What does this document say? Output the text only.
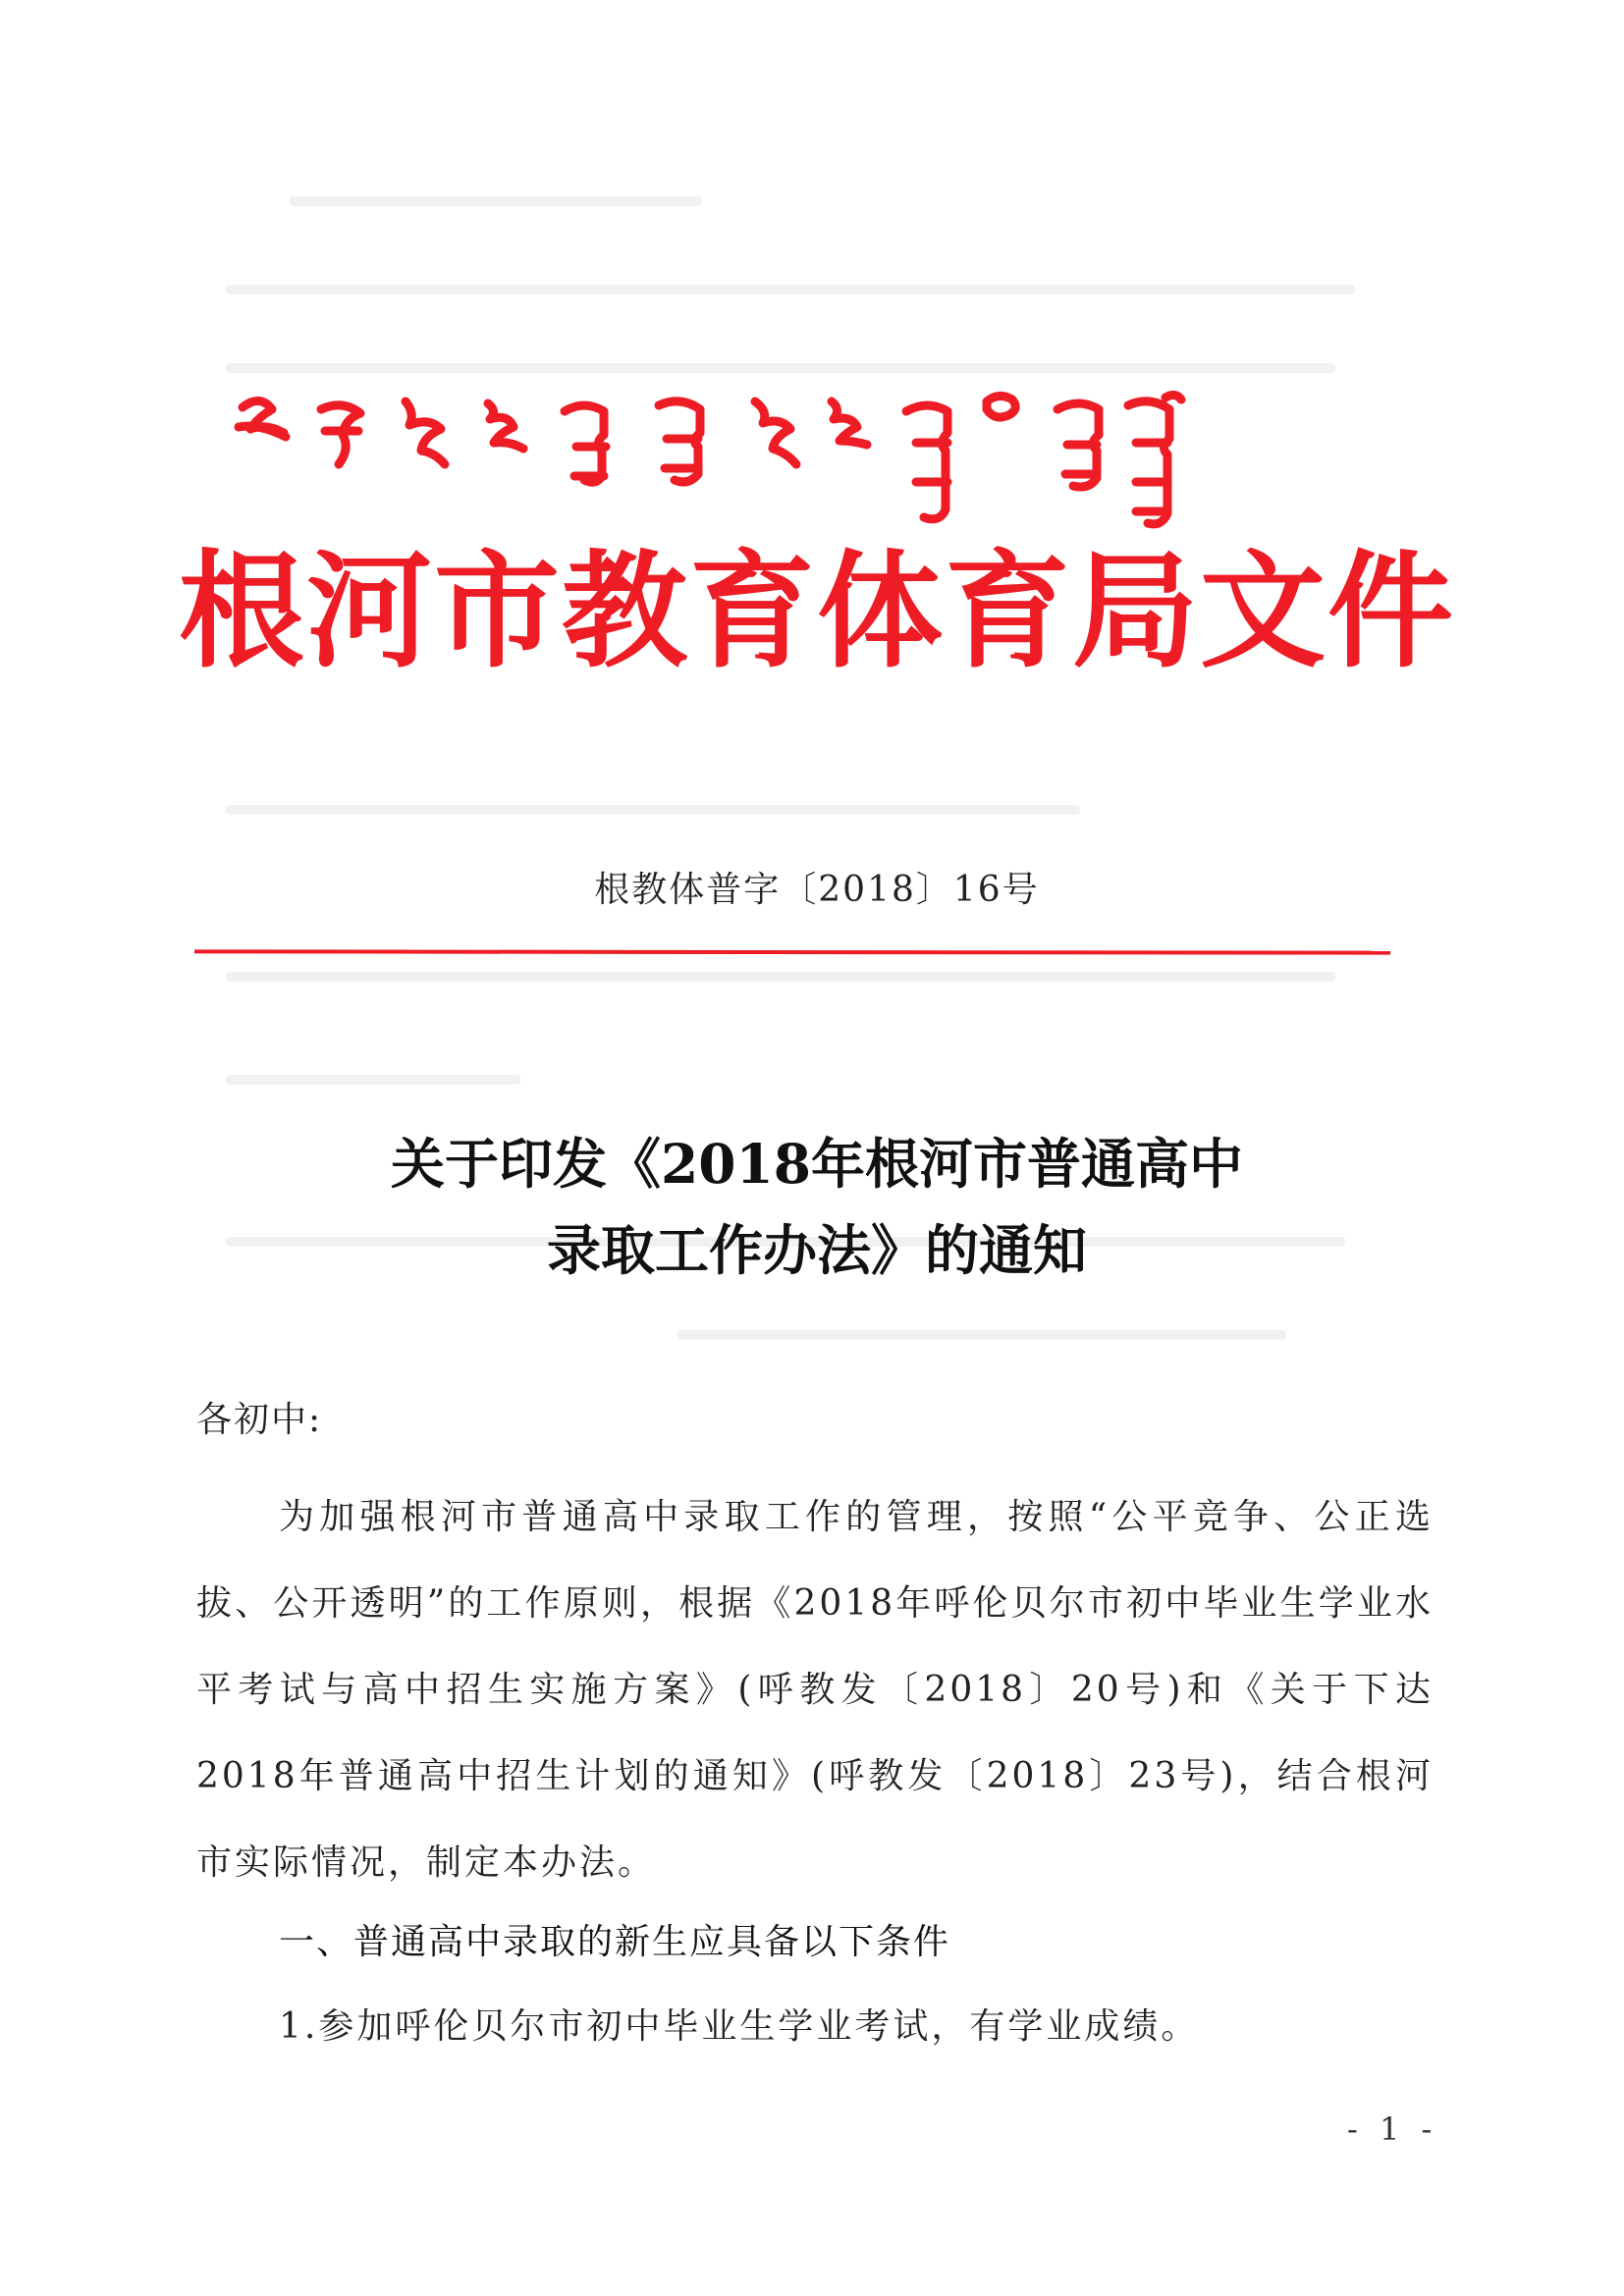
根河市教育体育局文件
根教体普字〔2018〕16号
关于印发《2018年根河市普通高中
录取工作办法》的通知
各初中:
为加强根河市普通高中录取工作的管理，按照“公平竞争、公正选拔、公开透明”的工作原则，根据《2018年呼伦贝尔市初中毕业生学业水平考试与高中招生实施方案》(呼教发〔2018〕20号)和《关于下达2018年普通高中招生计划的通知》(呼教发〔2018〕23号)，结合根河市实际情况，制定本办法。
一、普通高中录取的新生应具备以下条件
1.参加呼伦贝尔市初中毕业生学业考试，有学业成绩。
- 1 -
